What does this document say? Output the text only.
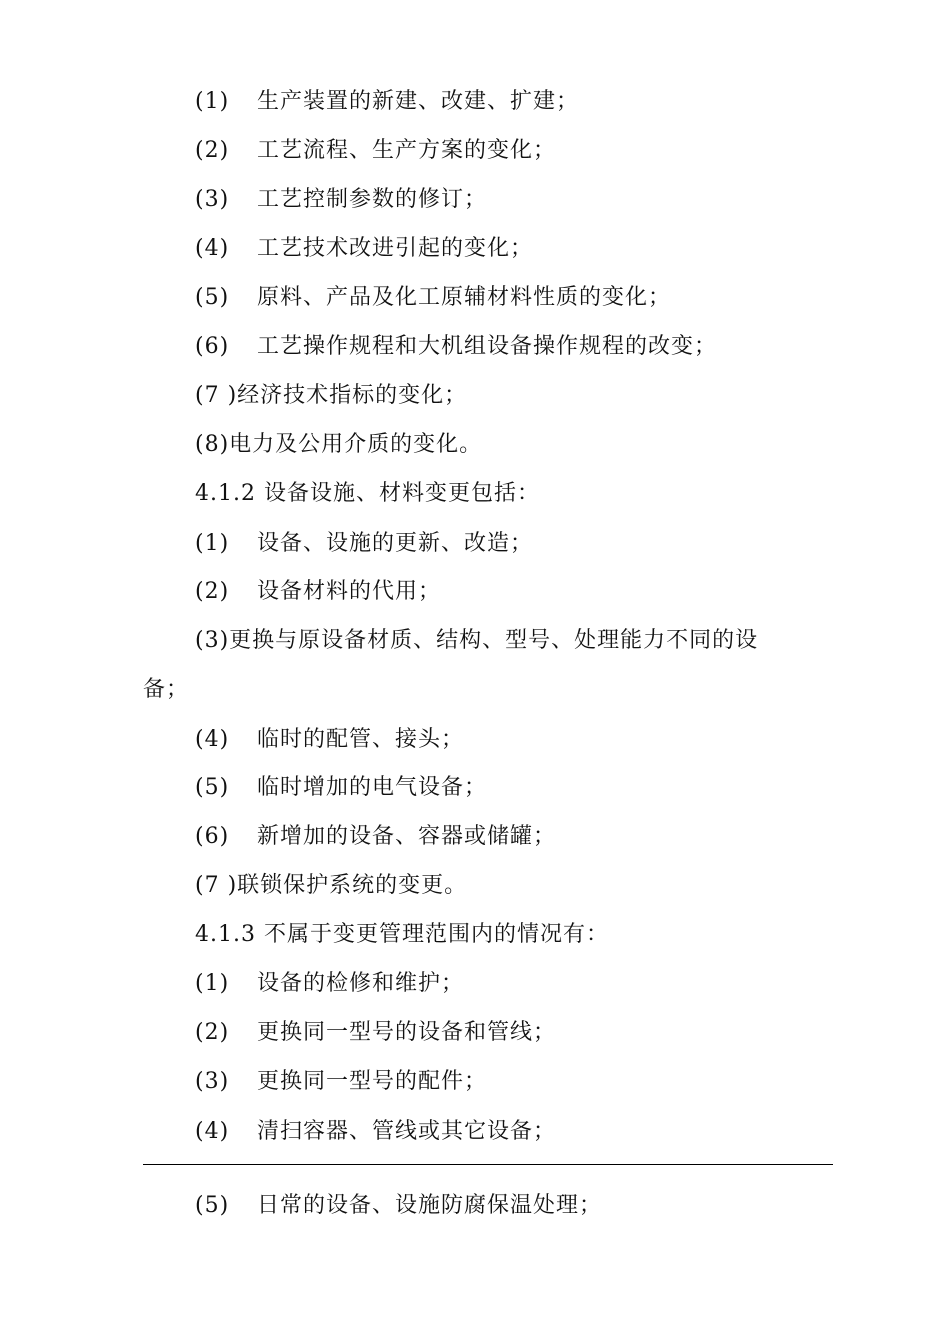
(1) 生产装置的新建、改建、扩建；
(2) 工艺流程、生产方案的变化；
(3) 工艺控制参数的修订；
(4) 工艺技术改进引起的变化；
(5) 原料、产品及化工原辅材料性质的变化；
(6) 工艺操作规程和大机组设备操作规程的改变；
(7 )经济技术指标的变化；
(8)电力及公用介质的变化。
4.1.2 设备设施、材料变更包括：
(1) 设备、设施的更新、改造；
(2) 设备材料的代用；
(3)更换与原设备材质、结构、型号、处理能力不同的设
备；
(4) 临时的配管、接头；
(5) 临时增加的电气设备；
(6) 新增加的设备、容器或储罐；
(7 )联锁保护系统的变更。
4.1.3 不属于变更管理范围内的情况有：
(1) 设备的检修和维护；
(2) 更换同一型号的设备和管线；
(3) 更换同一型号的配件；
(4) 清扫容器、管线或其它设备；
(5) 日常的设备、设施防腐保温处理；
